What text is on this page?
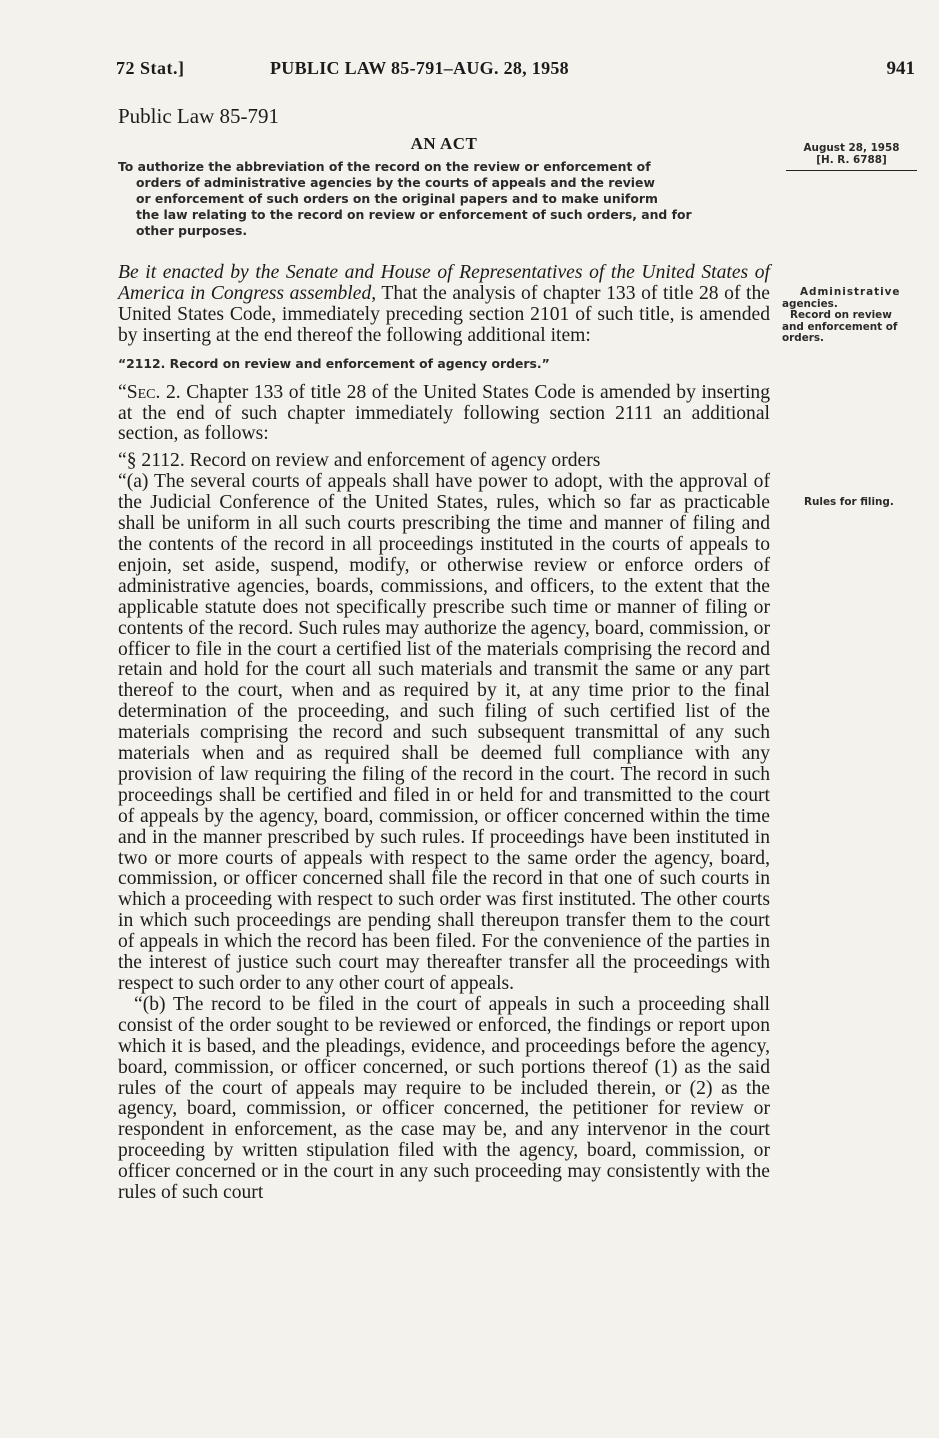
72 Stat.]	PUBLIC LAW 85-791–AUG. 28, 1958	941
Public Law 85-791
AN ACT
To authorize the abbreviation of the record on the review or enforcement of
orders of administrative agencies by the courts of appeals and the review
or enforcement of such orders on the original papers and to make uniform
the law relating to the record on review or enforcement of such orders, and for
other purposes.
August 28, 1958
[H. R. 6788]
Administrative
agencies.
Record on review
and enforcement of
orders.
Rules for filing.

Be it enacted by the Senate and House of Representatives of the United States of America in Congress assembled, That the analysis of chapter 133 of title 28 of the United States Code, immediately preceding section 2101 of such title, is amended by inserting at the end thereof the following additional item:

“2112. Record on review and enforcement of agency orders.”

“Sec. 2. Chapter 133 of title 28 of the United States Code is amended by inserting at the end of such chapter immediately following section 2111 an additional section, as follows:

“§ 2112. Record on review and enforcement of agency orders

“(a) The several courts of appeals shall have power to adopt, with the approval of the Judicial Conference of the United States, rules, which so far as practicable shall be uniform in all such courts prescribing the time and manner of filing and the contents of the record in all proceedings instituted in the courts of appeals to enjoin, set aside, suspend, modify, or otherwise review or enforce orders of administrative agencies, boards, commissions, and officers, to the extent that the applicable statute does not specifically prescribe such time or manner of filing or contents of the record. Such rules may authorize the agency, board, commission, or officer to file in the court a certified list of the materials comprising the record and retain and hold for the court all such materials and transmit the same or any part thereof to the court, when and as required by it, at any time prior to the final determination of the proceeding, and such filing of such certified list of the materials comprising the record and such subsequent transmittal of any such materials when and as required shall be deemed full compliance with any provision of law requiring the filing of the record in the court. The record in such proceedings shall be certified and filed in or held for and transmitted to the court of appeals by the agency, board, commission, or officer concerned within the time and in the manner prescribed by such rules. If proceedings have been instituted in two or more courts of appeals with respect to the same order the agency, board, commission, or officer concerned shall file the record in that one of such courts in which a proceeding with respect to such order was first instituted. The other courts in which such proceedings are pending shall thereupon transfer them to the court of appeals in which the record has been filed. For the convenience of the parties in the interest of justice such court may thereafter transfer all the proceedings with respect to such order to any other court of appeals.

“(b) The record to be filed in the court of appeals in such a proceeding shall consist of the order sought to be reviewed or enforced, the findings or report upon which it is based, and the pleadings, evidence, and proceedings before the agency, board, commission, or officer concerned, or such portions thereof (1) as the said rules of the court of appeals may require to be included therein, or (2) as the agency, board, commission, or officer concerned, the petitioner for review or respondent in enforcement, as the case may be, and any intervenor in the court proceeding by written stipulation filed with the agency, board, commission, or officer concerned or in the court in any such proceeding may consistently with the rules of such court
